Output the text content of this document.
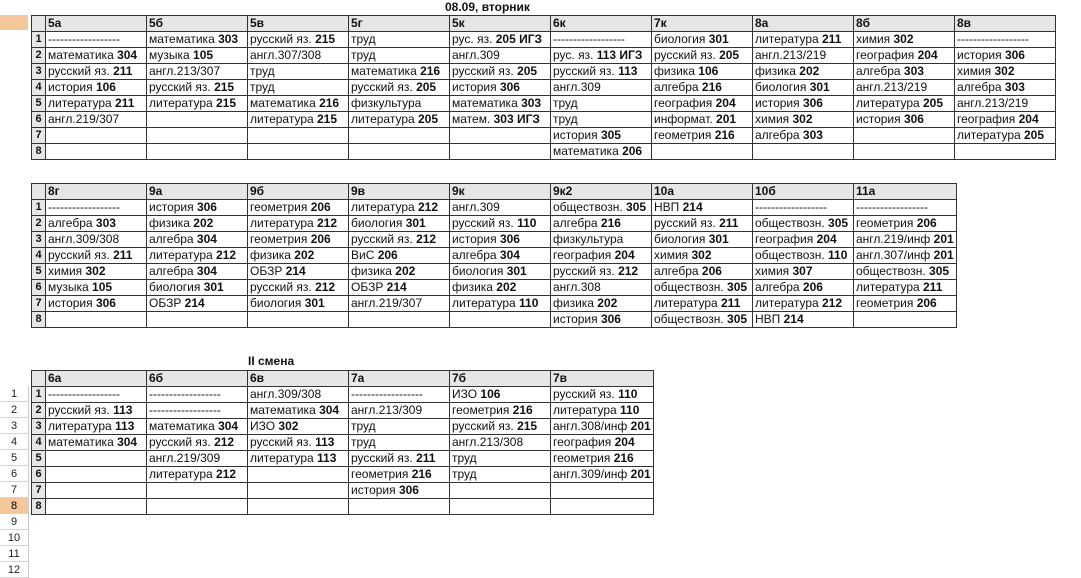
08.09, вторник
1
2
3
4
5
6
7
8
9
10
11
12
	5а	5б	5в	5г	5к	6к	7к	8а	8б	8в
1	------------------	математика 303	русский яз. 215	труд	рус. яз. 205 ИГЗ	------------------	биология 301	литература 211	химия 302	------------------
2	математика 304	музыка 105	англ.307/308	труд	англ.309	рус. яз. 113 ИГЗ	русский яз. 205	англ.213/219	география 204	история 306
3	русский яз. 211	англ.213/307	труд	математика 216	русский яз. 205	русский яз. 113	физика 106	физика 202	алгебра 303	химия 302
4	история 106	русский яз. 215	труд	русский яз. 205	история 306	англ.309	алгебра 216	биология 301	англ.213/219	алгебра 303
5	литература 211	литература 215	математика 216	физкультура	математика 303	труд	география 204	история 306	литература 205	англ.213/219
6	англ.219/307		литература 215	литература 205	матем. 303 ИГЗ	труд	информат. 201	химия 302	история 306	география 204
7						история 305	геометрия 216	алгебра 303		литература 205
8						математика 206				
	8г	9а	9б	9в	9к	9к2	10а	10б	11а
1	------------------	история 306	геометрия 206	литература 212	англ.309	обществозн. 305	НВП 214	------------------	------------------
2	алгебра 303	физика 202	литература 212	биология 301	русский яз. 110	алгебра 216	русский яз. 211	обществозн. 305	геометрия 206
3	англ.309/308	алгебра 304	геометрия 206	русский яз. 212	история 306	физкультура	биология 301	география 204	англ.219/инф 201
4	русский яз. 211	литература 212	физика 202	ВиС 206	алгебра 304	география 204	химия 302	обществозн. 110	англ.307/инф 201
5	химия 302	алгебра 304	ОБЗР 214	физика 202	биология 301	русский яз. 212	алгебра 206	химия 307	обществозн. 305
6	музыка 105	биология 301	русский яз. 212	ОБЗР 214	физика 202	англ.308	обществозн. 305	алгебра 206	литература 211
7	история 306	ОБЗР 214	биология 301	англ.219/307	литература 110	физика 202	литература 211	литература 212	геометрия 206
8						история 306	обществозн. 305	НВП 214	
II смена
	6а	6б	6в	7а	7б	7в
1	------------------	------------------	англ.309/308	------------------	ИЗО 106	русский яз. 110
2	русский яз. 113	------------------	математика 304	англ.213/309	геометрия 216	литература 110
3	литература 113	математика 304	ИЗО 302	труд	русский яз. 215	англ.308/инф 201
4	математика 304	русский яз. 212	русский яз. 113	труд	англ.213/308	география 204
5		англ.219/309	литература 113	русский яз. 211	труд	геометрия 216
6		литература 212		геометрия 216	труд	англ.309/инф 201
7				история 306		
8						
